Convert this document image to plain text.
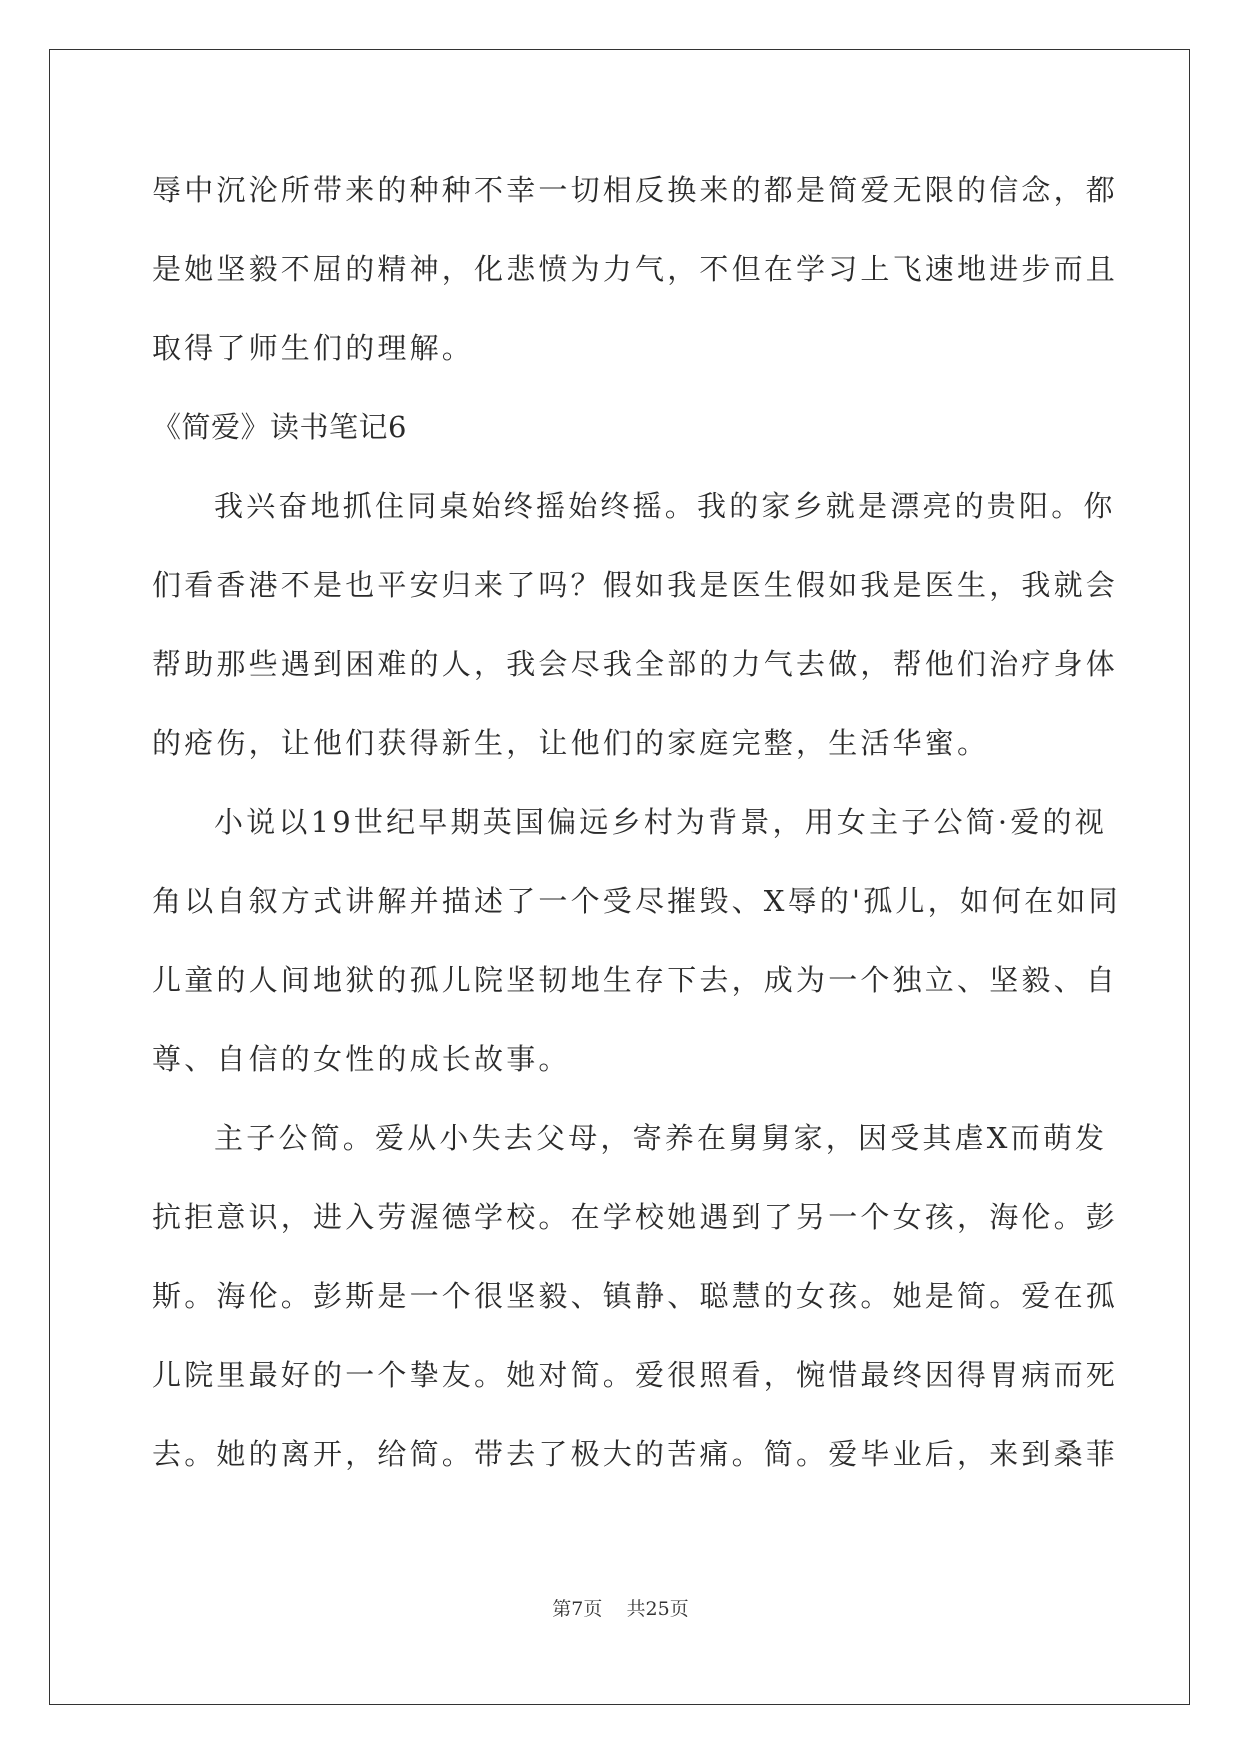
辱中沉沦所带来的种种不幸一切相反换来的都是简爱无限的信念，都
是她坚毅不屈的精神，化悲愤为力气，不但在学习上飞速地进步而且
取得了师生们的理解。
《简爱》读书笔记6
我兴奋地抓住同桌始终摇始终摇。我的家乡就是漂亮的贵阳。你
们看香港不是也平安归来了吗？假如我是医生假如我是医生，我就会
帮助那些遇到困难的人，我会尽我全部的力气去做，帮他们治疗身体
的疮伤，让他们获得新生，让他们的家庭完整，生活华蜜。
小说以19世纪早期英国偏远乡村为背景，用女主子公简·爱的视
角以自叙方式讲解并描述了一个受尽摧毁、X辱的'孤儿，如何在如同
儿童的人间地狱的孤儿院坚韧地生存下去，成为一个独立、坚毅、自
尊、自信的女性的成长故事。
主子公简。爱从小失去父母，寄养在舅舅家，因受其虐X而萌发
抗拒意识，进入劳渥德学校。在学校她遇到了另一个女孩，海伦。彭
斯。海伦。彭斯是一个很坚毅、镇静、聪慧的女孩。她是简。爱在孤
儿院里最好的一个挚友。她对简。爱很照看，惋惜最终因得胃病而死
去。她的离开，给简。带去了极大的苦痛。简。爱毕业后，来到桑菲
第7页 共25页
